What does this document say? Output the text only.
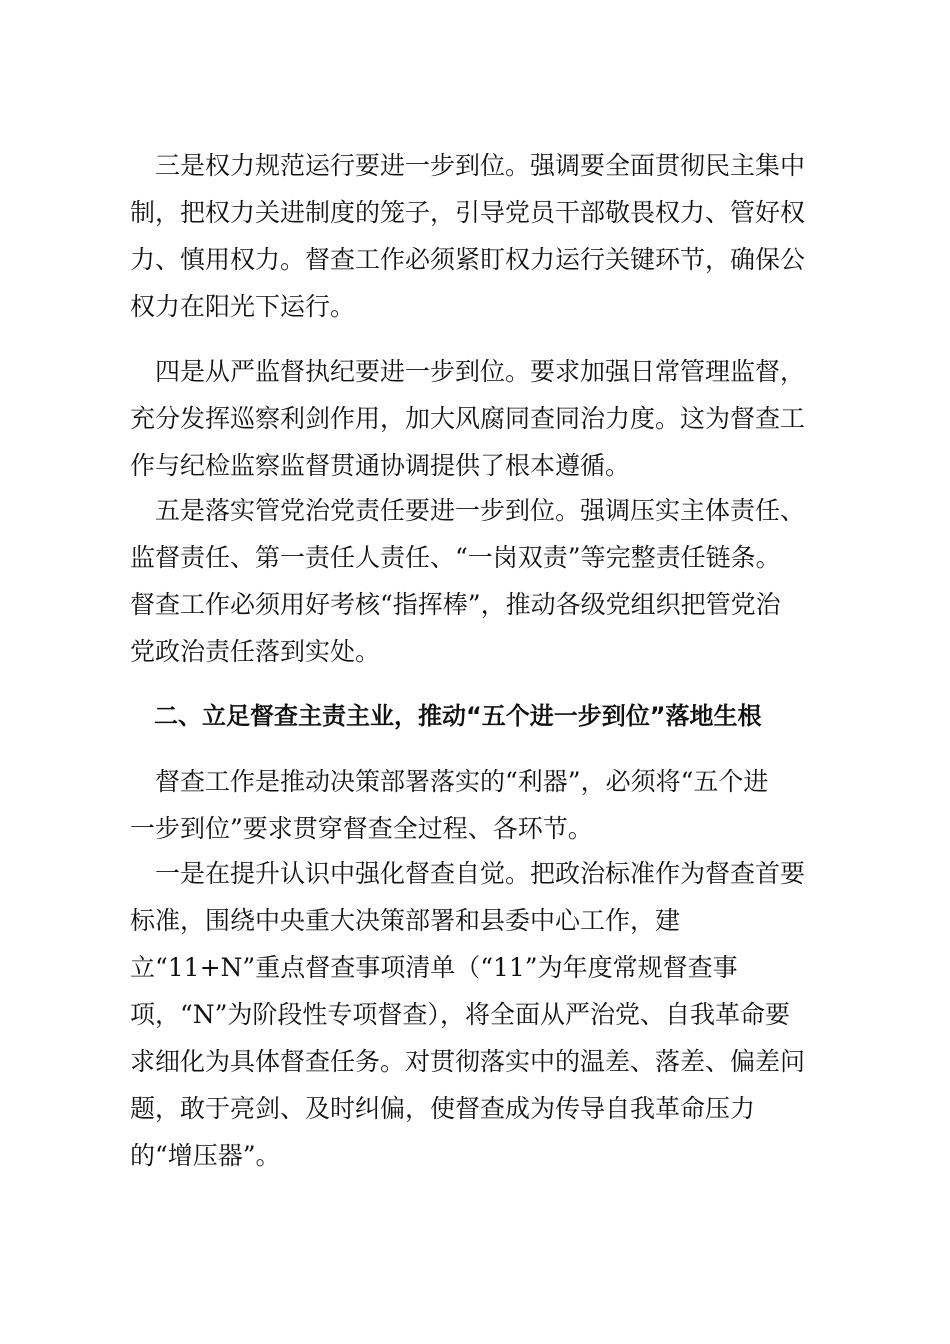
　三是权力规范运行要进一步到位。强调要全面贯彻民主集中
制，把权力关进制度的笼子，引导党员干部敬畏权力、管好权
力、慎用权力。督查工作必须紧盯权力运行关键环节，确保公
权力在阳光下运行。
　四是从严监督执纪要进一步到位。要求加强日常管理监督，
充分发挥巡察利剑作用，加大风腐同查同治力度。这为督查工
作与纪检监察监督贯通协调提供了根本遵循。
　五是落实管党治党责任要进一步到位。强调压实主体责任、
监督责任、第一责任人责任、“一岗双责”等完整责任链条。
督查工作必须用好考核“指挥棒”，推动各级党组织把管党治
党政治责任落到实处。
　二、立足督查主责主业，推动“五个进一步到位”落地生根
　督查工作是推动决策部署落实的“利器”，必须将“五个进
一步到位”要求贯穿督查全过程、各环节。
　一是在提升认识中强化督查自觉。把政治标准作为督查首要
标准，围绕中央重大决策部署和县委中心工作，建
立“11+N”重点督查事项清单（“11”为年度常规督查事
项，“N”为阶段性专项督查），将全面从严治党、自我革命要
求细化为具体督查任务。对贯彻落实中的温差、落差、偏差问
题，敢于亮剑、及时纠偏，使督查成为传导自我革命压力
的“增压器”。
